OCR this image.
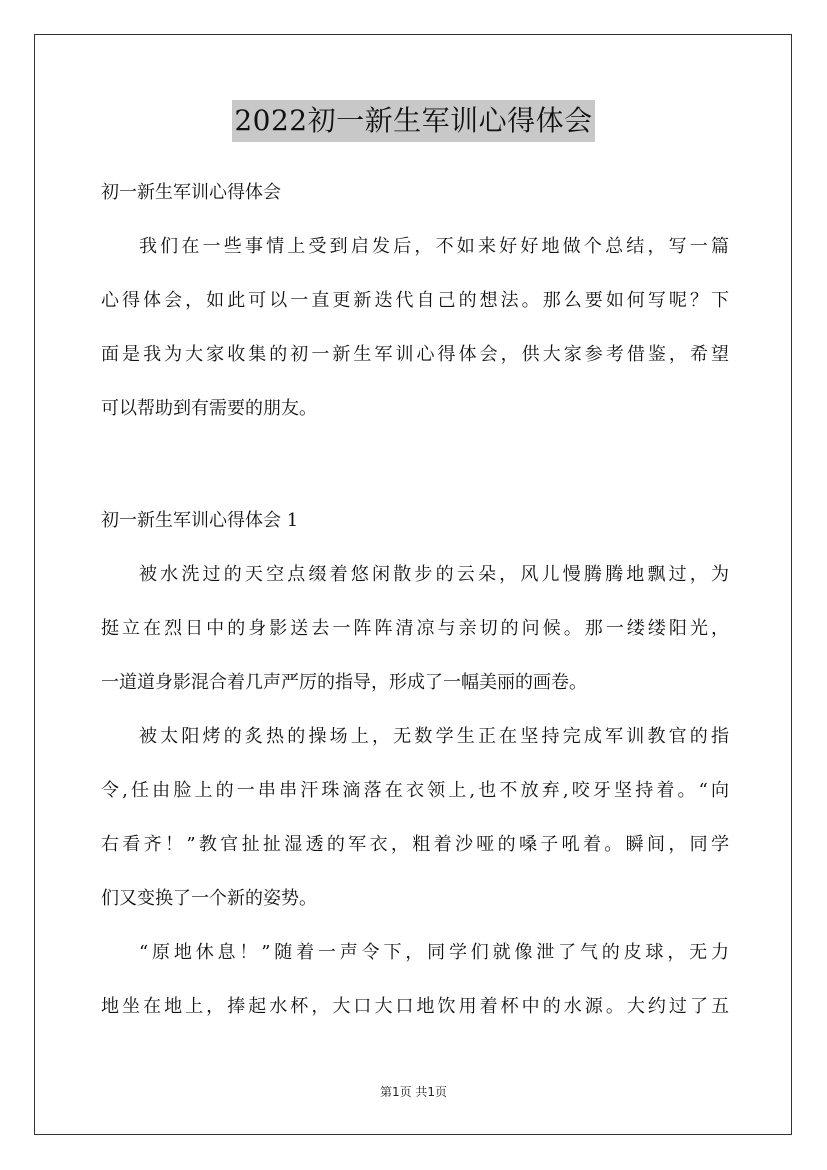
2022初一新生军训心得体会

初一新生军训心得体会

我们在一些事情上受到启发后，不如来好好地做个总结，写一篇

心得体会，如此可以一直更新迭代自己的想法。那么要如何写呢？下

面是我为大家收集的初一新生军训心得体会，供大家参考借鉴，希望

可以帮助到有需要的朋友。

初一新生军训心得体会 1

被水洗过的天空点缀着悠闲散步的云朵，风儿慢腾腾地飘过，为

挺立在烈日中的身影送去一阵阵清凉与亲切的问候。那一缕缕阳光，

一道道身影混合着几声严厉的指导，形成了一幅美丽的画卷。

被太阳烤的炙热的操场上，无数学生正在坚持完成军训教官的指

令,任由脸上的一串串汗珠滴落在衣领上,也不放弃,咬牙坚持着。“向

右看齐！”教官扯扯湿透的军衣，粗着沙哑的嗓子吼着。瞬间，同学

们又变换了一个新的姿势。

“原地休息！”随着一声令下，同学们就像泄了气的皮球，无力

地坐在地上，捧起水杯，大口大口地饮用着杯中的水源。大约过了五

第1页 共1页
